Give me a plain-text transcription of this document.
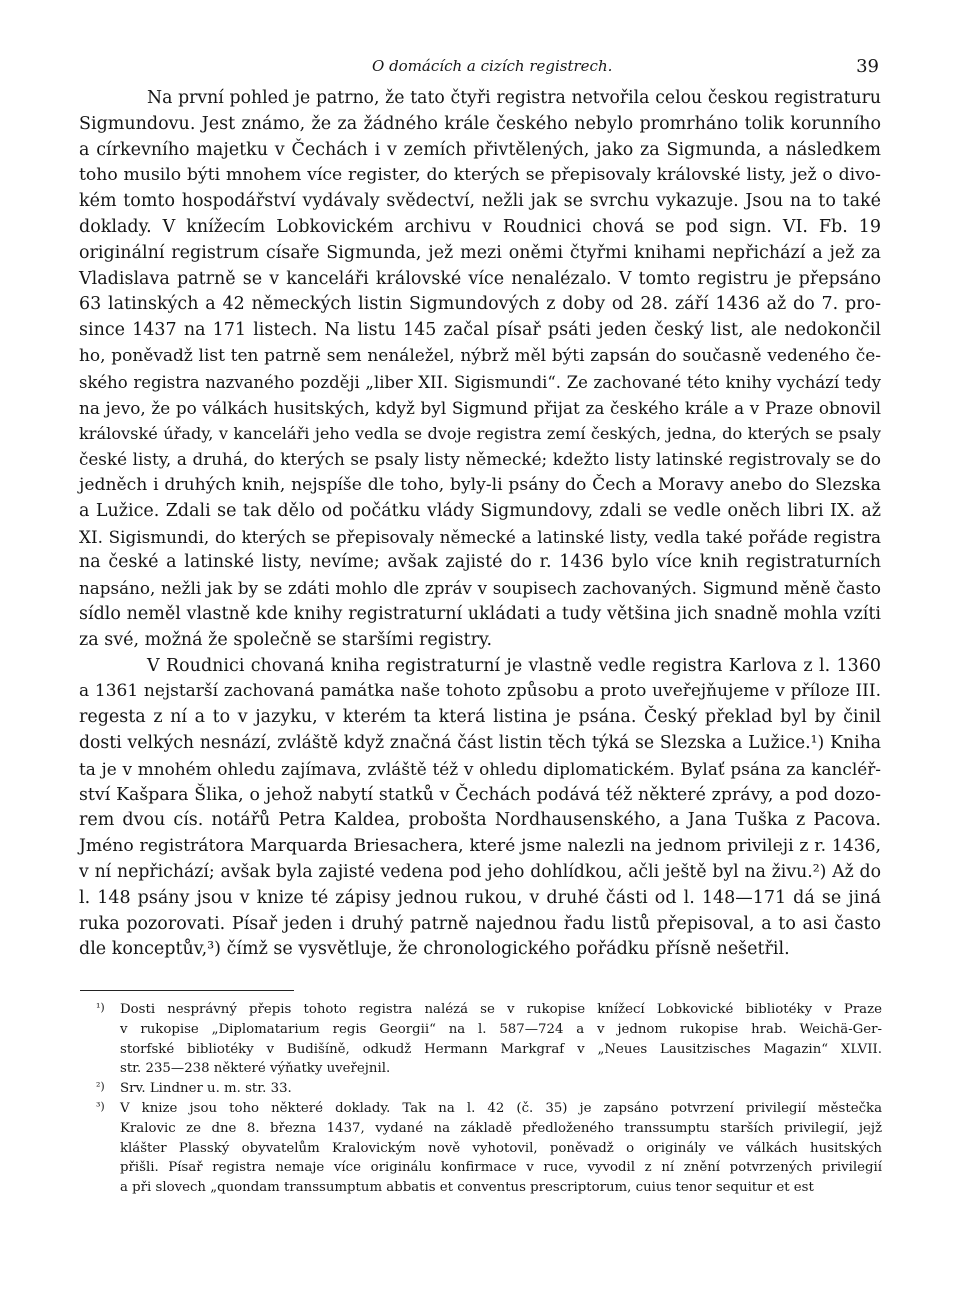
O domácích a cizích registrech.	39
Na první pohled je patrno, že tato čtyři registra netvořila celou českou registraturu
Sigmundovu. Jest známo, že za žádného krále českého nebylo promrháno tolik korunního
a církevního majetku v Čechách i v zemích přivtělených, jako za Sigmunda, a následkem
toho musilo býti mnohem více register, do kterých se přepisovaly královské listy, jež o divo-
kém tomto hospodářství vydávaly svědectví, nežli jak se svrchu vykazuje. Jsou na to také
doklady. V knížecím Lobkovickém archivu v Roudnici chová se pod sign. VI. Fb. 19
originální registrum císaře Sigmunda, jež mezi oněmi čtyřmi knihami nepřichází a jež za
Vladislava patrně se v kanceláři královské více nenalézalo. V tomto registru je přepsáno
63 latinských a 42 německých listin Sigmundových z doby od 28. září 1436 až do 7. pro-
since 1437 na 171 listech. Na listu 145 začal písař psáti jeden český list, ale nedokončil
ho, poněvadž list ten patrně sem nenáležel, nýbrž měl býti zapsán do současně vedeného če-
ského registra nazvaného později „liber XII. Sigismundi“. Ze zachované této knihy vychází tedy
na jevo, že po válkách husitských, když byl Sigmund přijat za českého krále a v Praze obnovil
královské úřady, v kanceláři jeho vedla se dvoje registra zemí českých, jedna, do kterých se psaly
české listy, a druhá, do kterých se psaly listy německé; kdežto listy latinské registrovaly se do
jedněch i druhých knih, nejspíše dle toho, byly-li psány do Čech a Moravy anebo do Slezska
a Lužice. Zdali se tak dělo od počátku vlády Sigmundovy, zdali se vedle oněch libri IX. až
XI. Sigismundi, do kterých se přepisovaly německé a latinské listy, vedla také pořáde registra
na české a latinské listy, nevíme; avšak zajisté do r. 1436 bylo více knih registraturních
napsáno, nežli jak by se zdáti mohlo dle zpráv v soupisech zachovaných. Sigmund měně často
sídlo neměl vlastně kde knihy registraturní ukládati a tudy většina jich snadně mohla vzíti
za své, možná že společně se staršími registry.
V Roudnici chovaná kniha registraturní je vlastně vedle registra Karlova z l. 1360
a 1361 nejstarší zachovaná památka naše tohoto způsobu a proto uveřejňujeme v příloze III.
regesta z ní a to v jazyku, v kterém ta která listina je psána. Český překlad byl by činil
dosti velkých nesnází, zvláště když značná část listin těch týká se Slezska a Lužice.¹) Kniha
ta je v mnohém ohledu zajímava, zvláště též v ohledu diplomatickém. Bylať psána za kancléř-
ství Kašpara Šlika, o jehož nabytí statků v Čechách podává též některé zprávy, a pod dozo-
rem dvou cís. notářů Petra Kaldea, probošta Nordhausenského, a Jana Tuška z Pacova.
Jméno registrátora Marquarda Briesachera, které jsme nalezli na jednom privileji z r. 1436,
v ní nepřichází; avšak byla zajisté vedena pod jeho dohlídkou, ačli ještě byl na živu.²) Až do
l. 148 psány jsou v knize té zápisy jednou rukou, v druhé části od l. 148—171 dá se jiná
ruka pozorovati. Písař jeden i druhý patrně najednou řadu listů přepisoval, a to asi často
dle konceptův,³) čímž se vysvětluje, že chronologického pořádku přísně nešetřil.
¹) Dosti nesprávný přepis tohoto registra nalézá se v rukopise knížecí Lobkovické bibliotéky v Praze
v rukopise „Diplomatarium regis Georgii“ na l. 587—724 a v jednom rukopise hrab. Weichä-Ger-
storfské bibliotéky v Budišíně, odkudž Hermann Markgraf v „Neues Lausitzisches Magazin“ XLVII.
str. 235—238 některé výňatky uveřejnil.
²) Srv. Lindner u. m. str. 33.
³) V knize jsou toho některé doklady. Tak na l. 42 (č. 35) je zapsáno potvrzení privilegií městečka
Kralovic ze dne 8. března 1437, vydané na základě předloženého transsumptu starších privilegií, jejž
klášter Plasský obyvatelům Kralovickým nově vyhotovil, poněvadž o originály ve válkách husitských
přišli. Písař registra nemaje více originálu konfirmace v ruce, vyvodil z ní znění potvrzených privilegií
a při slovech „quondam transsumptum abbatis et conventus prescriptorum, cuius tenor sequitur et est
